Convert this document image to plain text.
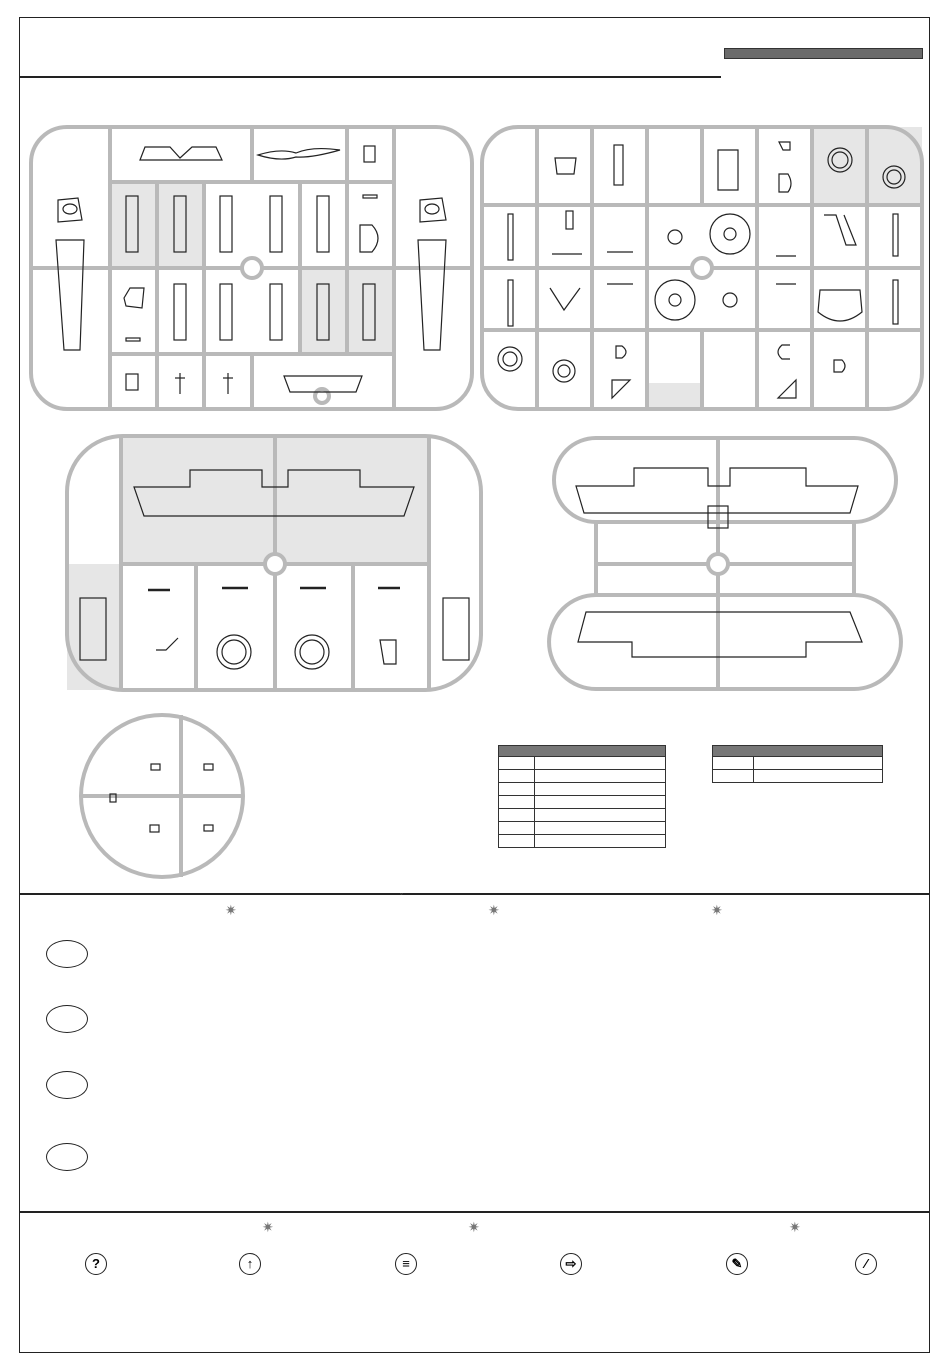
✷
ˇ
✷	✷
✷	✷	✷
?	↑	≡	⇨	✎	⁄
